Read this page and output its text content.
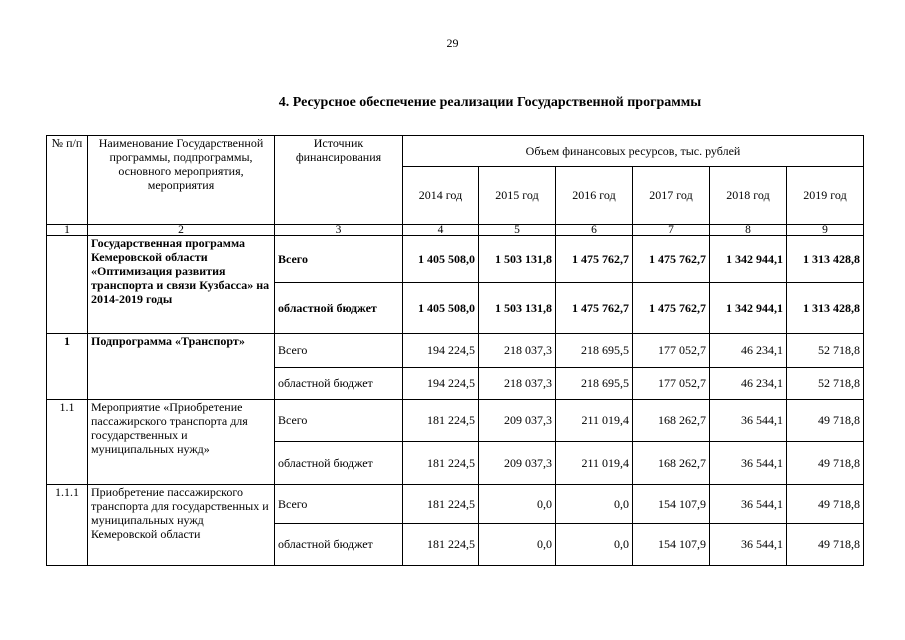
29
4. Ресурсное обеспечение реализации Государственной программы
№ п/п	Наименование Государственной программы, подпрограммы, основного мероприятия, мероприятия	Источник финансирования	Объем финансовых ресурсов, тыс. рублей					
			2014 год	2015 год	2016 год	2017 год	2018 год	2019 год
1	2	3	4	5	6	7	8	9
	Государственная программа Кемеровской области «Оптимизация развития транспорта и связи Кузбасса» на 2014-2019 годы	Всего	1 405 508,0	1 503 131,8	1 475 762,7	1 475 762,7	1 342 944,1	1 313 428,8
		областной бюджет	1 405 508,0	1 503 131,8	1 475 762,7	1 475 762,7	1 342 944,1	1 313 428,8
1	Подпрограмма «Транспорт»	Всего	194 224,5	218 037,3	218 695,5	177 052,7	46 234,1	52 718,8
		областной бюджет	194 224,5	218 037,3	218 695,5	177 052,7	46 234,1	52 718,8
1.1	Мероприятие «Приобретение пассажирского транспорта для государственных и муниципальных нужд»	Всего	181 224,5	209 037,3	211 019,4	168 262,7	36 544,1	49 718,8
		областной бюджет	181 224,5	209 037,3	211 019,4	168 262,7	36 544,1	49 718,8
1.1.1	Приобретение пассажирского транспорта для государственных и муниципальных нужд Кемеровской области	Всего	181 224,5	0,0	0,0	154 107,9	36 544,1	49 718,8
		областной бюджет	181 224,5	0,0	0,0	154 107,9	36 544,1	49 718,8
